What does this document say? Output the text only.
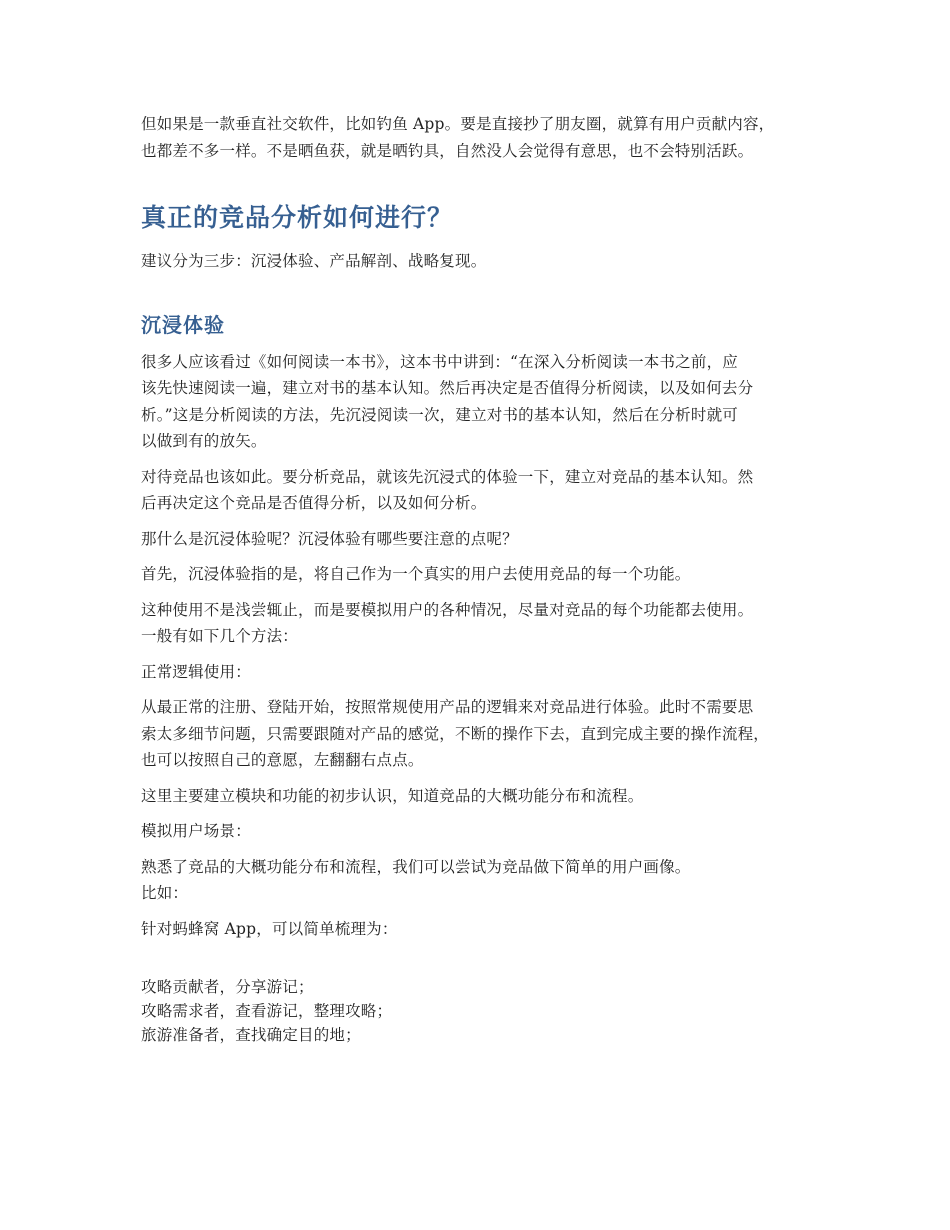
但如果是一款垂直社交软件，比如钓鱼 App。要是直接抄了朋友圈，就算有用户贡献内容，
也都差不多一样。不是晒鱼获，就是晒钓具，自然没人会觉得有意思，也不会特别活跃。
真正的竞品分析如何进行？
建议分为三步：沉浸体验、产品解剖、战略复现。
沉浸体验
很多人应该看过《如何阅读一本书》，这本书中讲到：“在深入分析阅读一本书之前，应
该先快速阅读一遍，建立对书的基本认知。然后再决定是否值得分析阅读，以及如何去分
析。”这是分析阅读的方法，先沉浸阅读一次，建立对书的基本认知，然后在分析时就可
以做到有的放矢。
对待竞品也该如此。要分析竞品，就该先沉浸式的体验一下，建立对竞品的基本认知。然
后再决定这个竞品是否值得分析，以及如何分析。
那什么是沉浸体验呢？沉浸体验有哪些要注意的点呢？
首先，沉浸体验指的是，将自己作为一个真实的用户去使用竞品的每一个功能。
这种使用不是浅尝辄止，而是要模拟用户的各种情况，尽量对竞品的每个功能都去使用。
一般有如下几个方法：
正常逻辑使用：
从最正常的注册、登陆开始，按照常规使用产品的逻辑来对竞品进行体验。此时不需要思
索太多细节问题，只需要跟随对产品的感觉，不断的操作下去，直到完成主要的操作流程，
也可以按照自己的意愿，左翻翻右点点。
这里主要建立模块和功能的初步认识，知道竞品的大概功能分布和流程。
模拟用户场景：
熟悉了竞品的大概功能分布和流程，我们可以尝试为竞品做下简单的用户画像。
比如：
针对蚂蜂窝 App，可以简单梳理为：
攻略贡献者，分享游记；
攻略需求者，查看游记，整理攻略；
旅游准备者，查找确定目的地；
